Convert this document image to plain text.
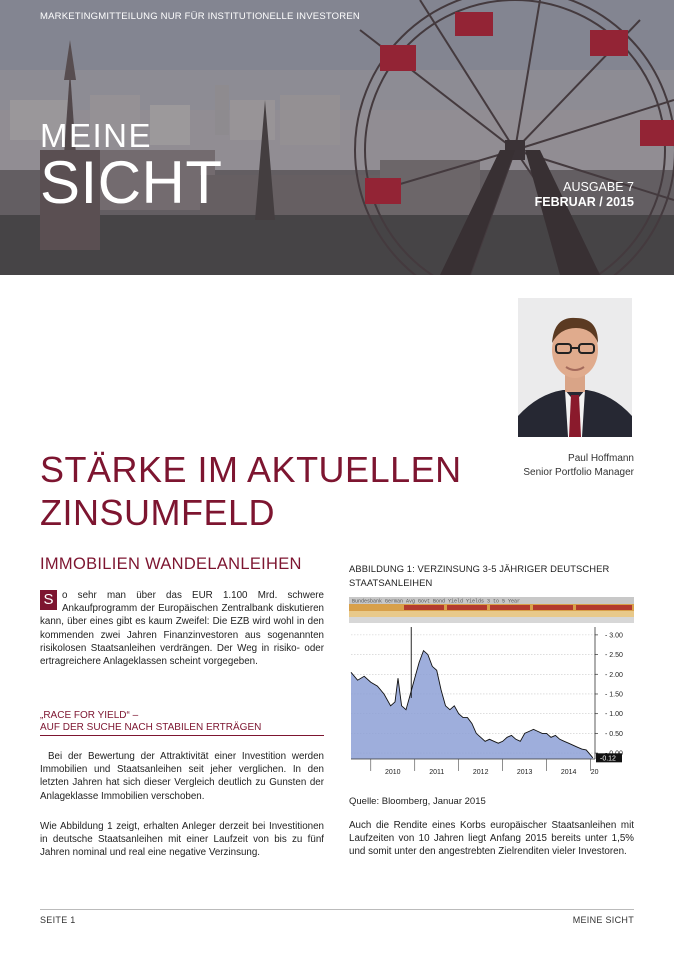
MARKETINGMITTEILUNG NUR FÜR INSTITUTIONELLE INVESTOREN
MEINE
SICHT	AUSGABE 7
FEBRUAR / 2015
Paul Hoffmann
Senior Portfolio Manager
STÄRKE IM AKTUELLEN
ZINSUMFELD
IMMOBILIEN WANDELANLEIHEN
S o sehr man über das EUR 1.100 Mrd. schwere Ankaufprogramm der Europäischen Zentralbank diskutieren kann, über eines gibt es kaum Zweifel: Die EZB wird wohl in den kommenden zwei Jahren Finanzinvestoren aus sogenannten risikolosen Staatsanleihen verdrängen. Der Weg in risiko- oder ertragreichere Anlageklassen scheint vorgegeben.
„RACE FOR YIELD“ –
AUF DER SUCHE NACH STABILEN ERTRÄGEN
Bei der Bewertung der Attraktivität einer Investition werden Immobilien und Staatsanleihen seit jeher verglichen. In den letzten Jahren hat sich dieser Vergleich deutlich zu Gunsten der Anlageklasse Immobilien verschoben.
Wie Abbildung 1 zeigt, erhalten Anleger derzeit bei Investitionen in deutsche Staatsanleihen mit einer Laufzeit von bis zu fünf Jahren nominal und real eine negative Verzinsung.
ABBILDUNG 1: VERZINSUNG 3-5 JÄHRIGER DEUTSCHER
STAATSANLEIHEN
Bundesbank German Avg Govt Bond Yield Yields 3 to 5 Year
- 3.00
- 2.50
- 2.00
- 1.50
- 1.00
- 0.50
-0.12
2010	2011	2012	2013	2014 20
Quelle: Bloomberg, Januar 2015
Auch die Rendite eines Korbs europäischer Staatsanleihen mit Laufzeiten von 10 Jahren liegt Anfang 2015 bereits unter 1,5% und somit unter den angestrebten Zielrenditen vieler Investoren.
SEITE 1	MEINE SICHT
